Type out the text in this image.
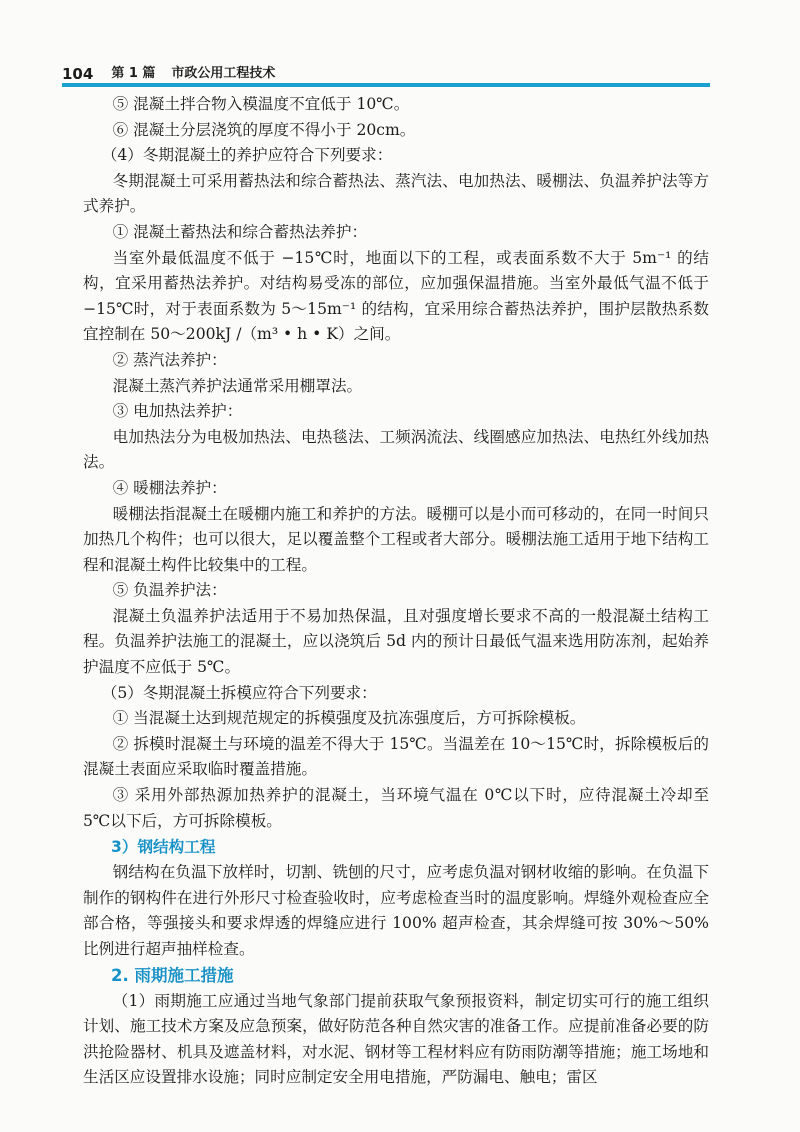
104 第 1 篇 市政公用工程技术

⑤ 混凝土拌合物入模温度不宜低于 10℃。

⑥ 混凝土分层浇筑的厚度不得小于 20cm。

（4）冬期混凝土的养护应符合下列要求：

冬期混凝土可采用蓄热法和综合蓄热法、蒸汽法、电加热法、暖棚法、负温养护法等方式养护。

① 混凝土蓄热法和综合蓄热法养护：

当室外最低温度不低于 −15℃时，地面以下的工程，或表面系数不大于 5m⁻¹ 的结构，宜采用蓄热法养护。对结构易受冻的部位，应加强保温措施。当室外最低气温不低于 −15℃时，对于表面系数为 5～15m⁻¹ 的结构，宜采用综合蓄热法养护，围护层散热系数宜控制在 50～200kJ /（m³ • h • K）之间。

② 蒸汽法养护：

混凝土蒸汽养护法通常采用棚罩法。

③ 电加热法养护：

电加热法分为电极加热法、电热毯法、工频涡流法、线圈感应加热法、电热红外线加热法。

④ 暖棚法养护：

暖棚法指混凝土在暖棚内施工和养护的方法。暖棚可以是小而可移动的，在同一时间只加热几个构件；也可以很大，足以覆盖整个工程或者大部分。暖棚法施工适用于地下结构工程和混凝土构件比较集中的工程。

⑤ 负温养护法：

混凝土负温养护法适用于不易加热保温，且对强度增长要求不高的一般混凝土结构工程。负温养护法施工的混凝土，应以浇筑后 5d 内的预计日最低气温来选用防冻剂，起始养护温度不应低于 5℃。

（5）冬期混凝土拆模应符合下列要求：

① 当混凝土达到规范规定的拆模强度及抗冻强度后，方可拆除模板。

② 拆模时混凝土与环境的温差不得大于 15℃。当温差在 10～15℃时，拆除模板后的混凝土表面应采取临时覆盖措施。

③ 采用外部热源加热养护的混凝土，当环境气温在 0℃以下时，应待混凝土冷却至 5℃以下后，方可拆除模板。

3）钢结构工程

钢结构在负温下放样时，切割、铣刨的尺寸，应考虑负温对钢材收缩的影响。在负温下制作的钢构件在进行外形尺寸检查验收时，应考虑检查当时的温度影响。焊缝外观检查应全部合格，等强接头和要求焊透的焊缝应进行 100% 超声检查，其余焊缝可按 30%～50% 比例进行超声抽样检查。

2. 雨期施工措施

（1）雨期施工应通过当地气象部门提前获取气象预报资料，制定切实可行的施工组织计划、施工技术方案及应急预案，做好防范各种自然灾害的准备工作。应提前准备必要的防洪抢险器材、机具及遮盖材料，对水泥、钢材等工程材料应有防雨防潮等措施；施工场地和生活区应设置排水设施；同时应制定安全用电措施，严防漏电、触电；雷区
